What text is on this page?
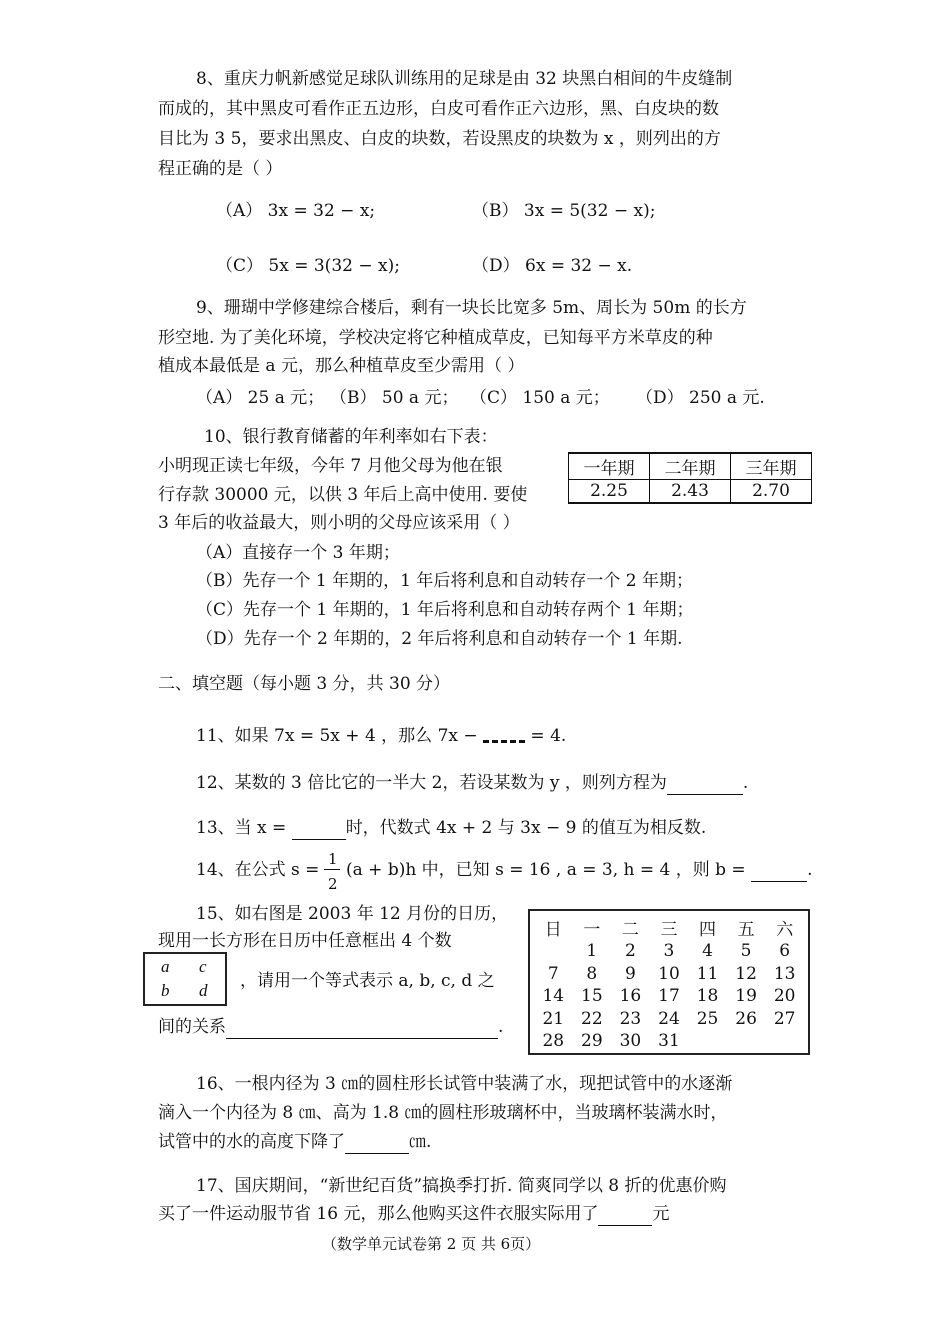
8、重庆力帆新感觉足球队训练用的足球是由 32 块黑白相间的牛皮缝制
而成的，其中黑皮可看作正五边形，白皮可看作正六边形，黑、白皮块的数
目比为 3 5，要求出黑皮、白皮的块数，若设黑皮的块数为 x ，则列出的方
程正确的是（ ）
（A） 3x = 32 − x;	（B） 3x = 5(32 − x);
（C） 5x = 3(32 − x);	（D） 6x = 32 − x.
9、珊瑚中学修建综合楼后，剩有一块长比宽多 5m、周长为 50m 的长方
形空地. 为了美化环境，学校决定将它种植成草皮，已知每平方米草皮的种
植成本最低是 a 元，那么种植草皮至少需用（ ）
（A） 25 a 元； （B） 50 a 元； （C） 150 a 元； （D） 250 a 元.
10、银行教育储蓄的年利率如右下表：
小明现正读七年级，今年 7 月他父母为他在银
行存款 30000 元，以供 3 年后上高中使用. 要使
3 年后的收益最大，则小明的父母应该采用（ ）
一年期	二年期	三年期
2.25	2.43	2.70
（A）直接存一个 3 年期；
（B）先存一个 1 年期的，1 年后将利息和自动转存一个 2 年期；
（C）先存一个 1 年期的，1 年后将利息和自动转存两个 1 年期；
（D）先存一个 2 年期的，2 年后将利息和自动转存一个 1 年期.
二、填空题（每小题 3 分，共 30 分）
11、如果 7x = 5x + 4 ，那么 7x −  = 4.
12、某数的 3 倍比它的一半大 2，若设某数为 y ，则列方程为	.
13、当 x =	时，代数式 4x + 2 与 3x − 9 的值互为相反数.
14、在公式 s =
1
2
(a + b)h 中，已知 s = 16 , a = 3, h = 4 ，则 b =	.
15、如右图是 2003 年 12 月份的日历，
现用一长方形在日历中任意框出 4 个数
a c
b d ，请用一个等式表示 a, b, c, d 之
间的关系	.
日	一	二	三	四	五	六
	1	2	3	4	5	6
7	8	9	10	11	12	13
14	15	16	17	18	19	20
21	22	23	24	25	26	27
28	29	30	31			
16、一根内径为 3 ㎝的圆柱形长试管中装满了水，现把试管中的水逐渐
滴入一个内径为 8 ㎝、高为 1.8 ㎝的圆柱形玻璃杯中，当玻璃杯装满水时，
试管中的水的高度下降了	㎝.
17、国庆期间，“新世纪百货”搞换季打折. 简爽同学以 8 折的优惠价购
买了一件运动服节省 16 元，那么他购买这件衣服实际用了	元
（数学单元试卷第 2 页 共 6页）
